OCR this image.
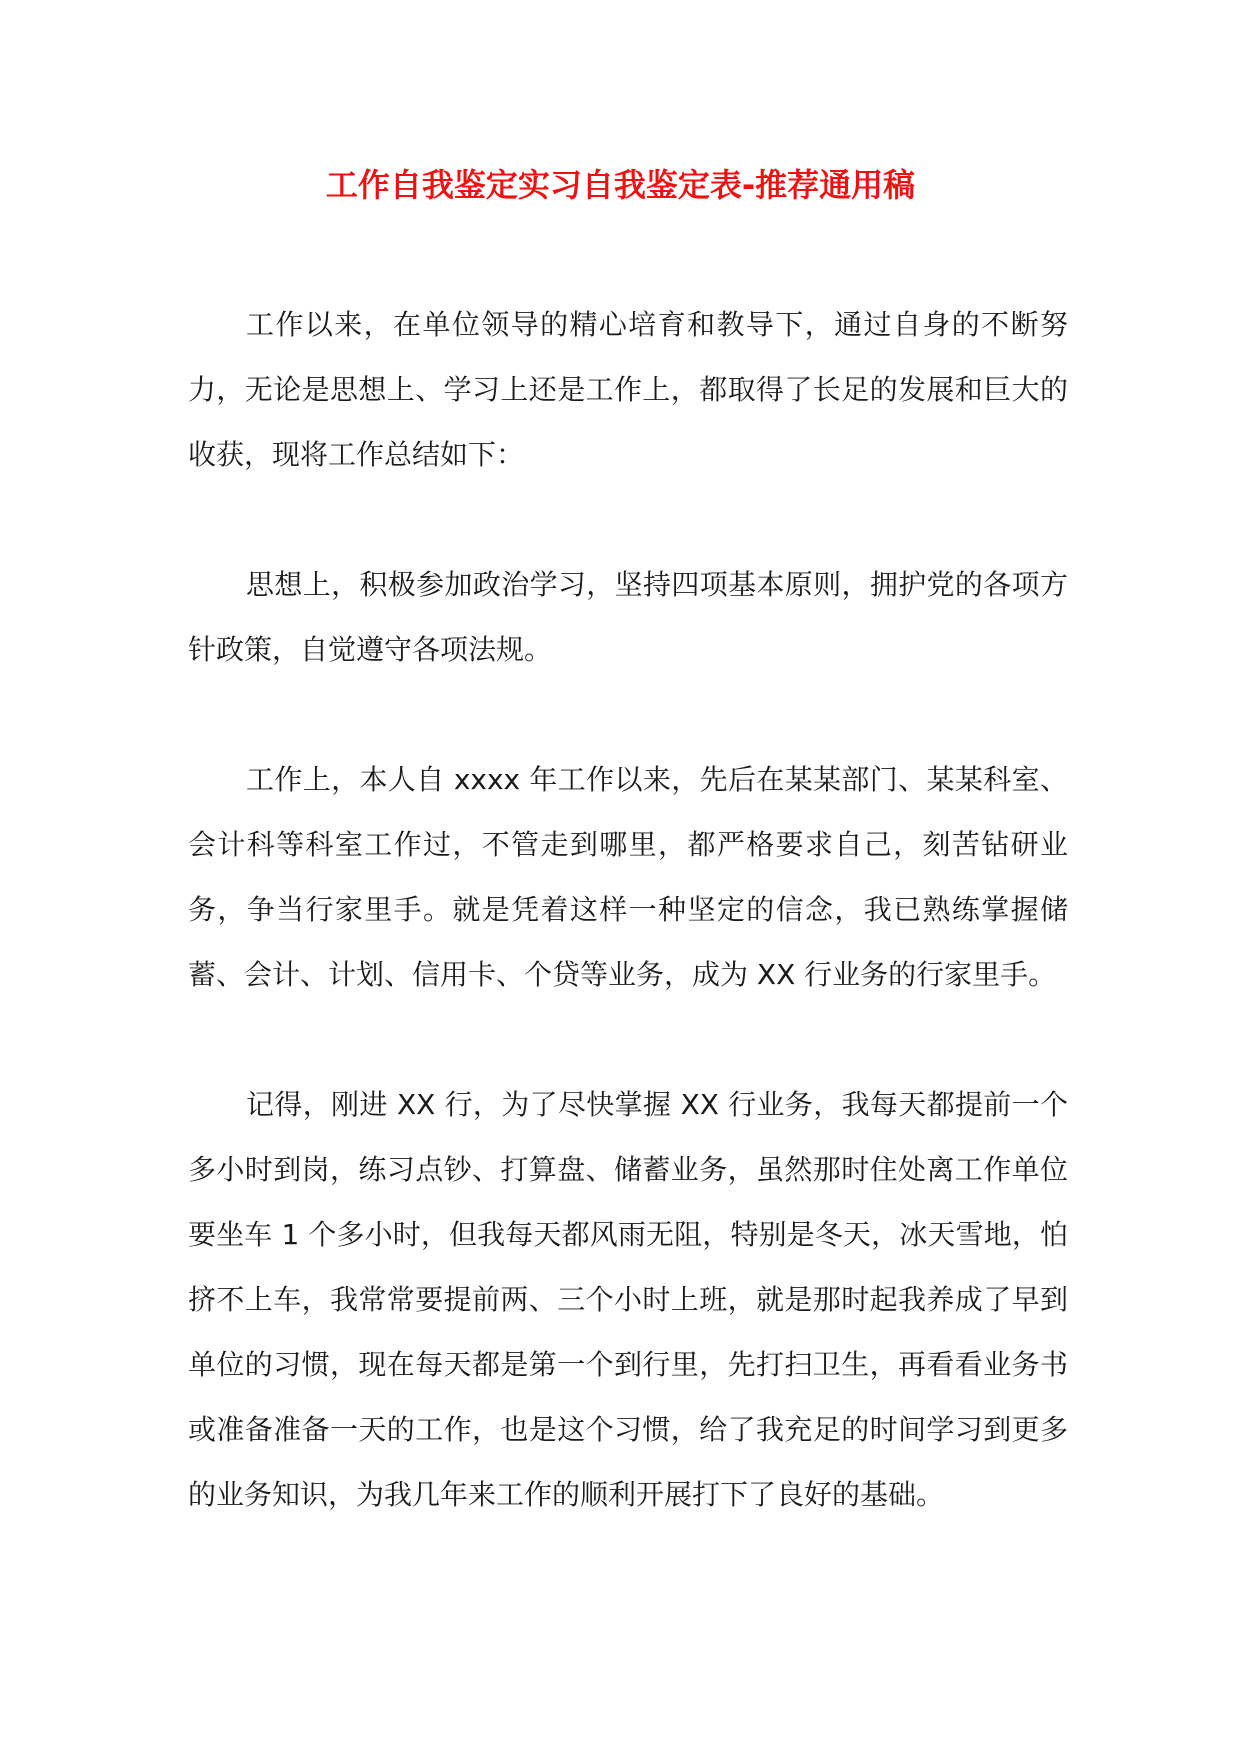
工作自我鉴定实习自我鉴定表-推荐通用稿

工作以来，在单位领导的精心培育和教导下，通过自身的不断努力，无论是思想上、学习上还是工作上，都取得了长足的发展和巨大的收获，现将工作总结如下：

思想上，积极参加政治学习，坚持四项基本原则，拥护党的各项方针政策，自觉遵守各项法规。

工作上，本人自 xxxx 年工作以来，先后在某某部门、某某科室、会计科等科室工作过，不管走到哪里，都严格要求自己，刻苦钻研业务，争当行家里手。就是凭着这样一种坚定的信念，我已熟练掌握储蓄、会计、计划、信用卡、个贷等业务，成为 XX 行业务的行家里手。

记得，刚进 XX 行，为了尽快掌握 XX 行业务，我每天都提前一个多小时到岗，练习点钞、打算盘、储蓄业务，虽然那时住处离工作单位要坐车 1 个多小时，但我每天都风雨无阻，特别是冬天，冰天雪地，怕挤不上车，我常常要提前两、三个小时上班，就是那时起我养成了早到单位的习惯，现在每天都是第一个到行里，先打扫卫生，再看看业务书或准备准备一天的工作，也是这个习惯，给了我充足的时间学习到更多的业务知识，为我几年来工作的顺利开展打下了良好的基础。
